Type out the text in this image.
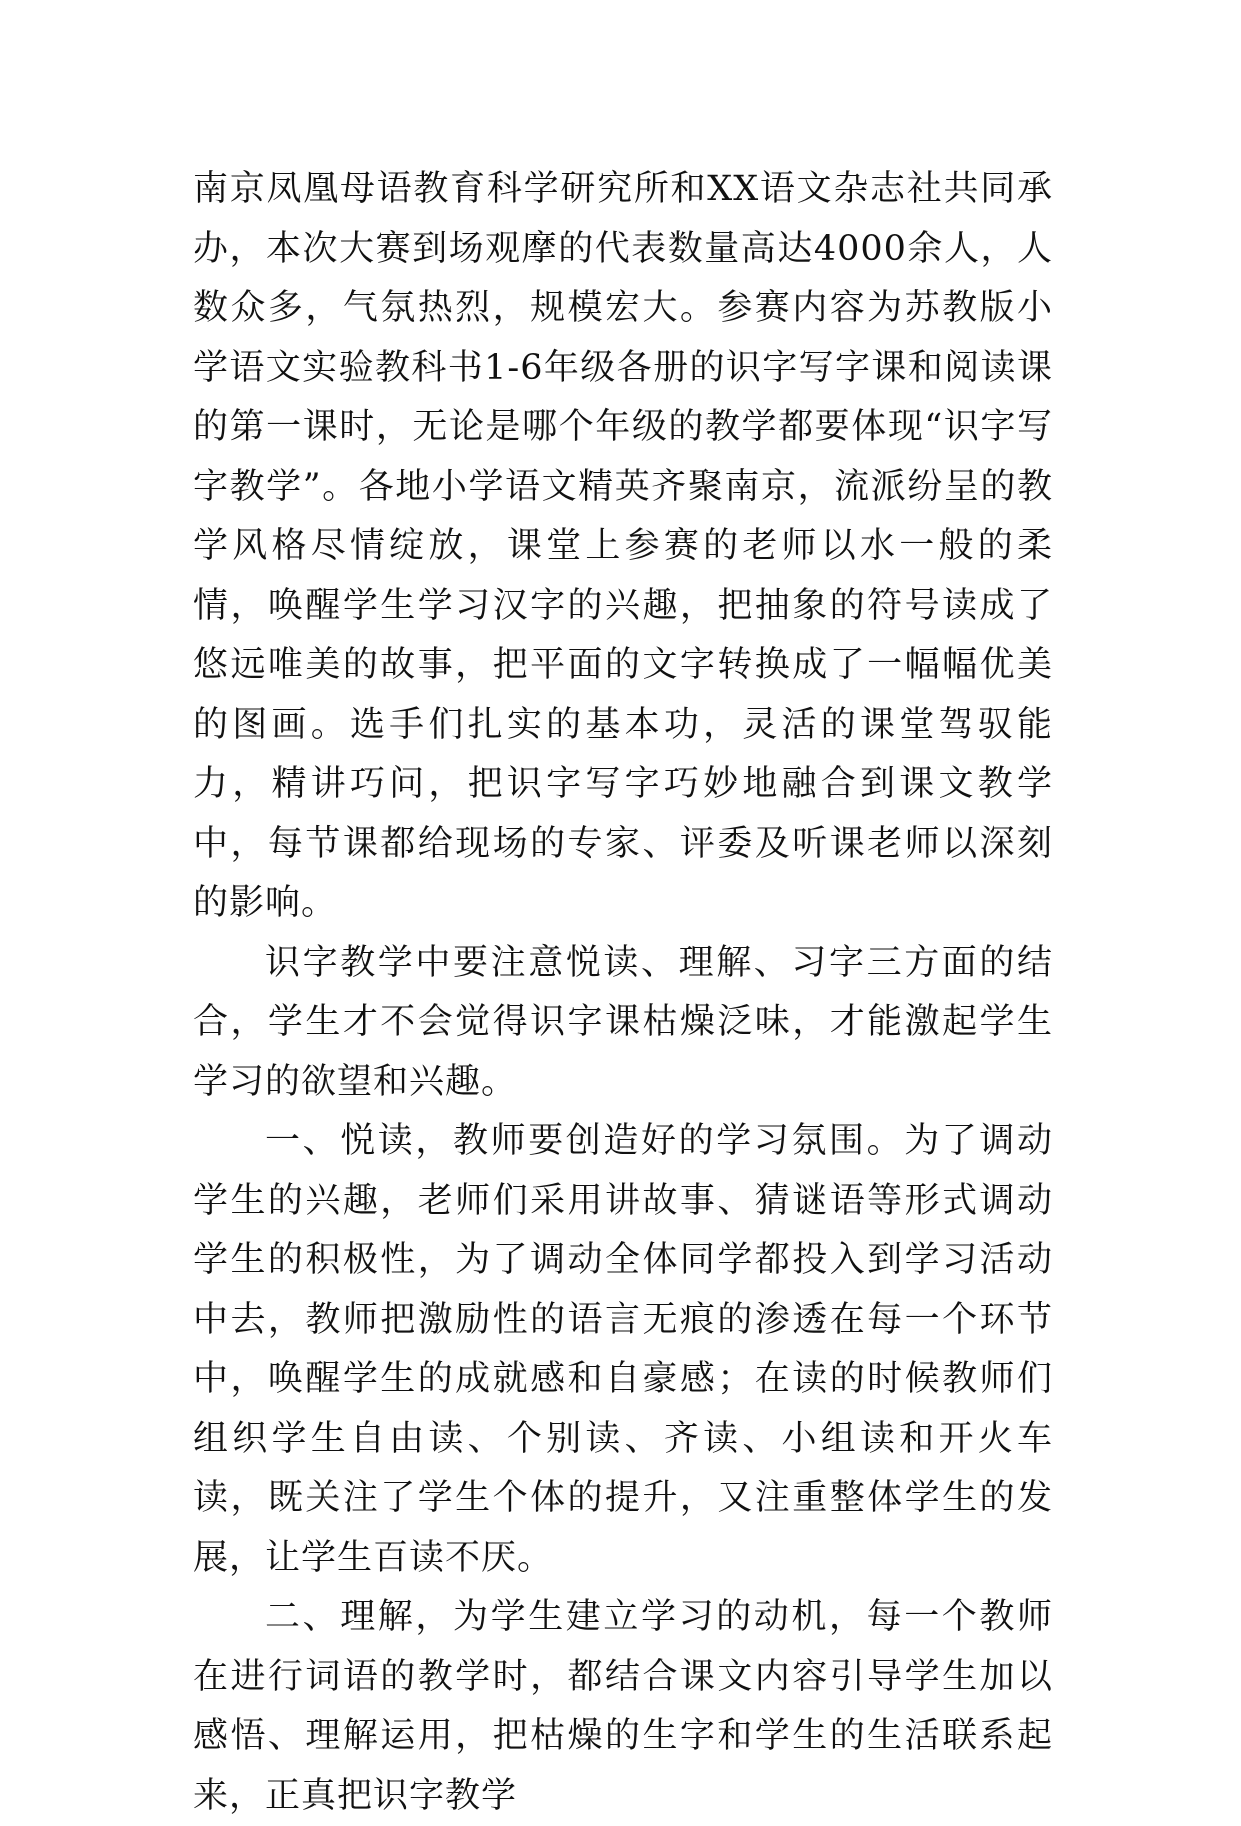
南京凤凰母语教育科学研究所和XX语文杂志社共同承办，本次大赛到场观摩的代表数量高达4000余人，人数众多，气氛热烈，规模宏大。参赛内容为苏教版小学语文实验教科书1-6年级各册的识字写字课和阅读课的第一课时，无论是哪个年级的教学都要体现“识字写字教学”。各地小学语文精英齐聚南京，流派纷呈的教学风格尽情绽放，课堂上参赛的老师以水一般的柔情，唤醒学生学习汉字的兴趣，把抽象的符号读成了悠远唯美的故事，把平面的文字转换成了一幅幅优美的图画。选手们扎实的基本功，灵活的课堂驾驭能力，精讲巧问，把识字写字巧妙地融合到课文教学中，每节课都给现场的专家、评委及听课老师以深刻的影响。

识字教学中要注意悦读、理解、习字三方面的结合，学生才不会觉得识字课枯燥泛味，才能激起学生学习的欲望和兴趣。

一、悦读，教师要创造好的学习氛围。为了调动学生的兴趣，老师们采用讲故事、猜谜语等形式调动学生的积极性，为了调动全体同学都投入到学习活动中去，教师把激励性的语言无痕的渗透在每一个环节中，唤醒学生的成就感和自豪感；在读的时候教师们组织学生自由读、个别读、齐读、小组读和开火车读，既关注了学生个体的提升，又注重整体学生的发展，让学生百读不厌。

二、理解，为学生建立学习的动机，每一个教师在进行词语的教学时，都结合课文内容引导学生加以感悟、理解运用，把枯燥的生字和学生的生活联系起来，正真把识字教学
